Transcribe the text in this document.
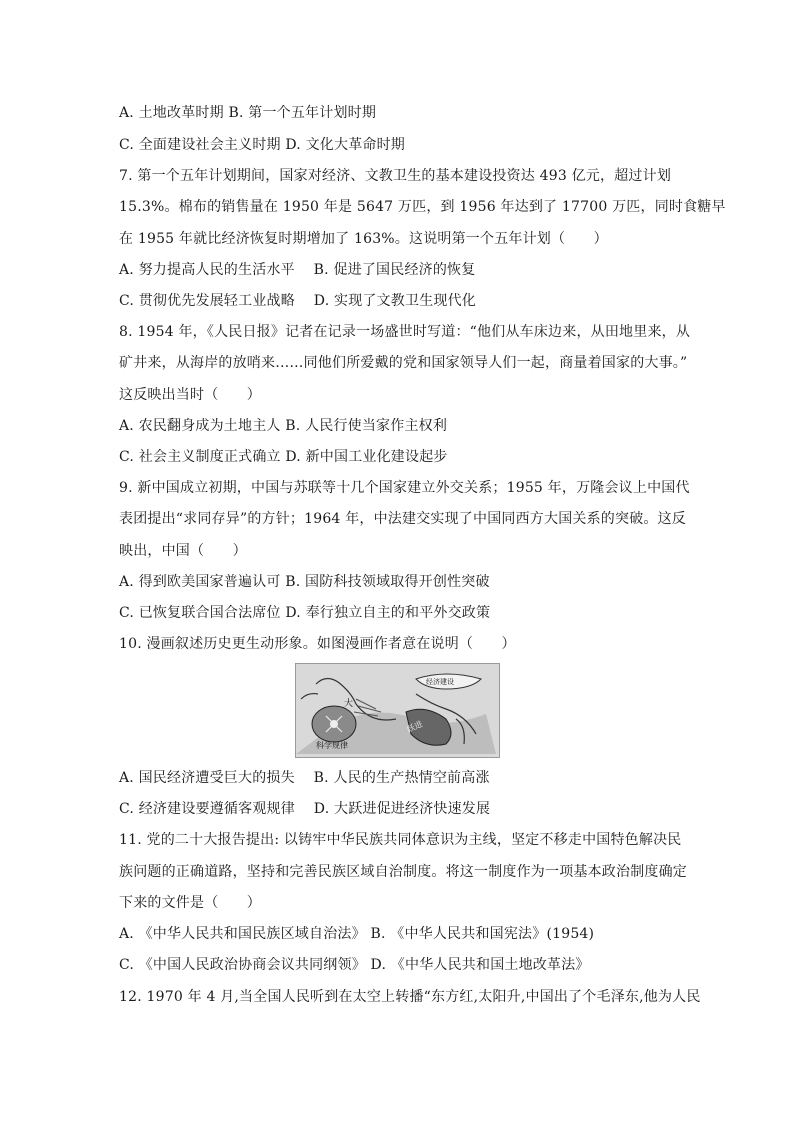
A. 土地改革时期 B. 第一个五年计划时期
C. 全面建设社会主义时期 D. 文化大革命时期
7. 第一个五年计划期间，国家对经济、文教卫生的基本建设投资达 493 亿元，超过计划
15.3%。棉布的销售量在 1950 年是 5647 万匹，到 1956 年达到了 17700 万匹，同时食糖早
在 1955 年就比经济恢复时期增加了 163%。这说明第一个五年计划（　　）
A. 努力提高人民的生活水平　 B. 促进了国民经济的恢复
C. 贯彻优先发展轻工业战略　 D. 实现了文教卫生现代化
8. 1954 年，《人民日报》记者在记录一场盛世时写道：“他们从车床边来，从田地里来，从
矿井来，从海岸的放哨来……同他们所爱戴的党和国家领导人们一起，商量着国家的大事。”
这反映出当时（　　）
A. 农民翻身成为土地主人 B. 人民行使当家作主权利
C. 社会主义制度正式确立 D. 新中国工业化建设起步
9. 新中国成立初期，中国与苏联等十几个国家建立外交关系；1955 年，万隆会议上中国代
表团提出“求同存异”的方针；1964 年，中法建交实现了中国同西方大国关系的突破。这反
映出，中国（　　）
A. 得到欧美国家普遍认可 B. 国防科技领域取得开创性突破
C. 已恢复联合国合法席位 D. 奉行独立自主的和平外交政策
10. 漫画叙述历史更生动形象。如图漫画作者意在说明（　　）
大
跃进
经济建设
科学规律
A. 国民经济遭受巨大的损失　 B. 人民的生产热情空前高涨
C. 经济建设要遵循客观规律　 D. 大跃进促进经济快速发展
11. 党的二十大报告提出: 以铸牢中华民族共同体意识为主线，坚定不移走中国特色解决民
族问题的正确道路，坚持和完善民族区域自治制度。将这一制度作为一项基本政治制度确定
下来的文件是（　　）
A. 《中华人民共和国民族区域自治法》 B. 《中华人民共和国宪法》(1954)
C. 《中国人民政治协商会议共同纲领》 D. 《中华人民共和国土地改革法》
12. 1970 年 4 月,当全国人民听到在太空上转播“东方红,太阳升,中国出了个毛泽东,他为人民
